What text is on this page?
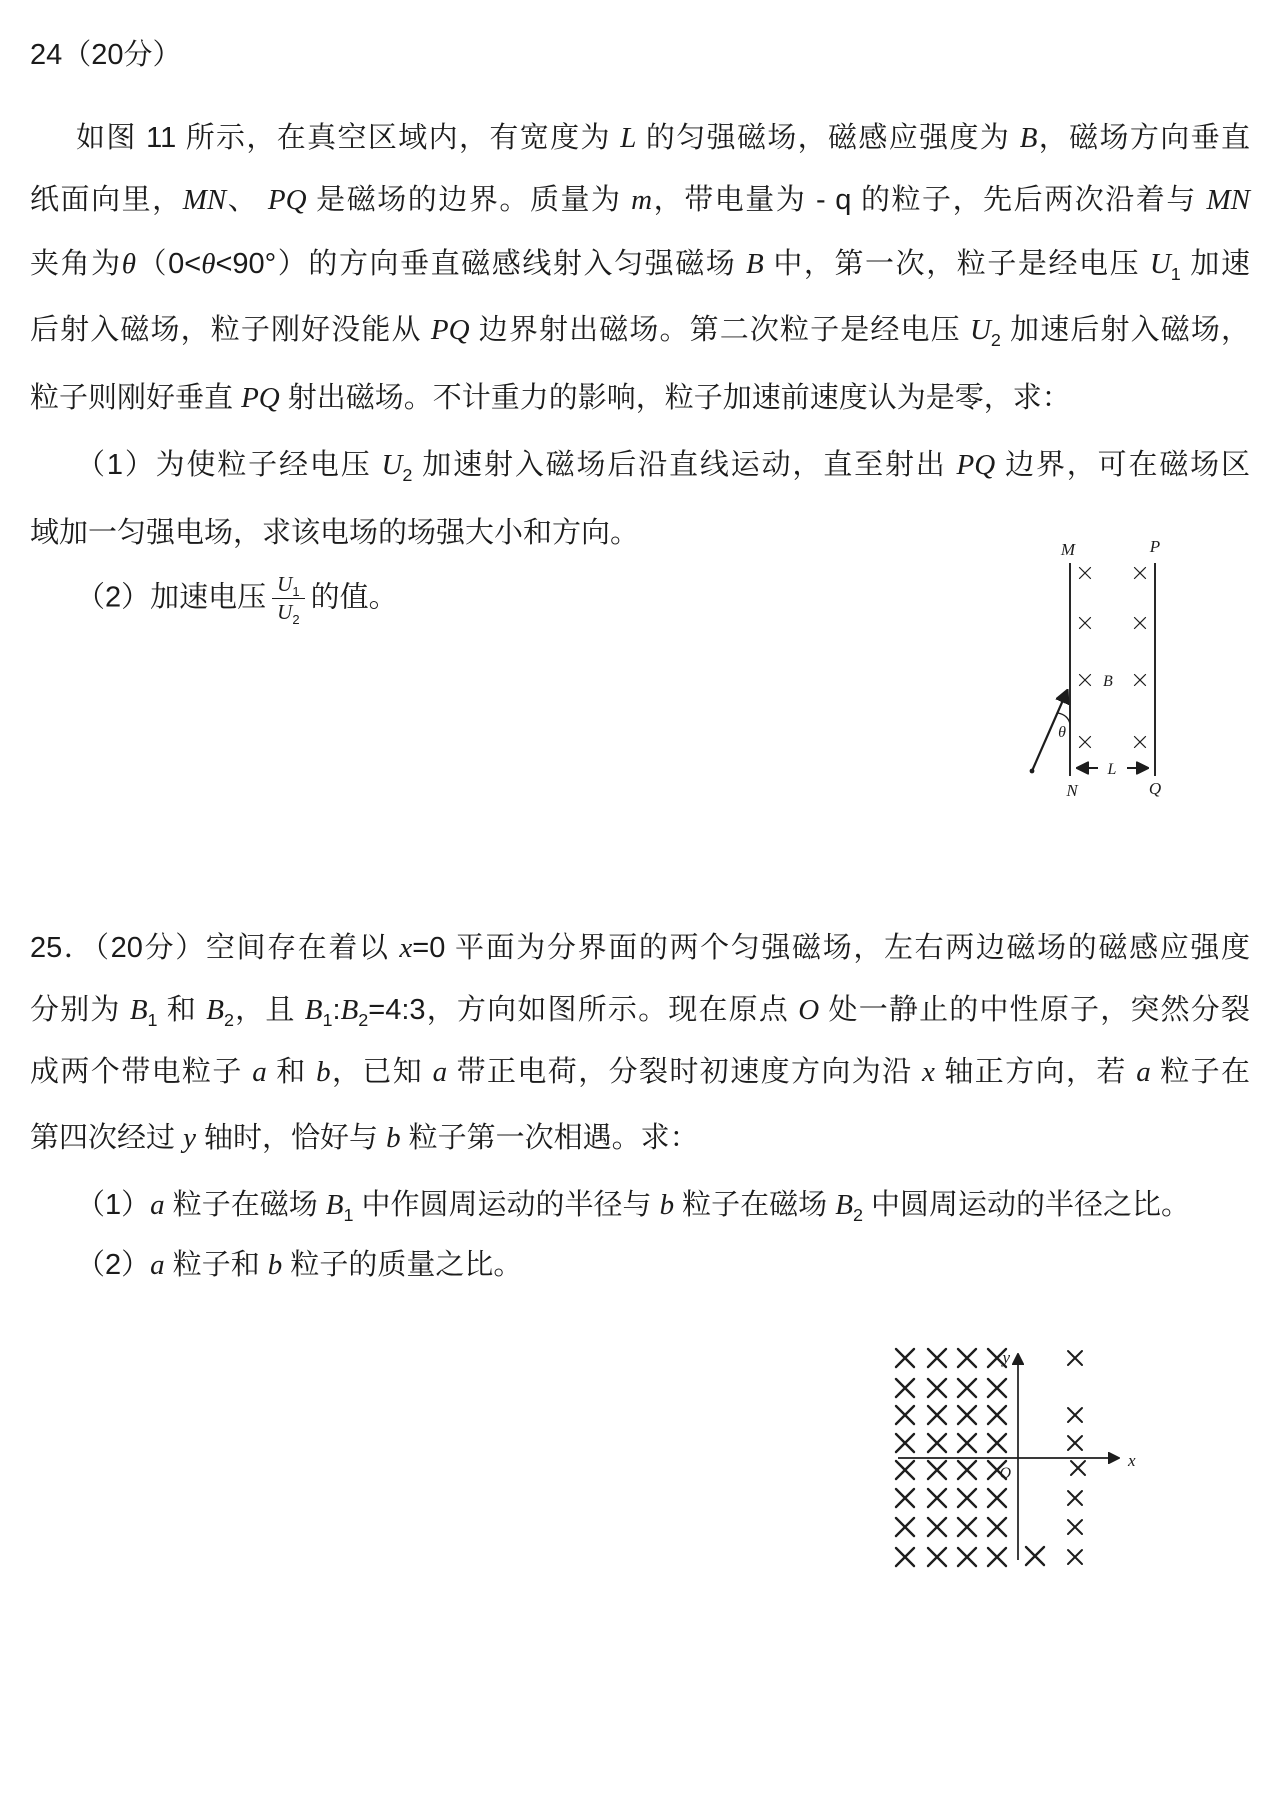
24（20分）
如图 11 所示，在真空区域内，有宽度为 L 的匀强磁场，磁感应强度为 B，磁场方向垂直
纸面向里，MN、 PQ 是磁场的边界。质量为 m，带电量为 - q 的粒子，先后两次沿着与 MN
夹角为θ（0<θ<90°）的方向垂直磁感线射入匀强磁场 B 中，第一次，粒子是经电压 $U_1$ 加速
后射入磁场，粒子刚好没能从 PQ 边界射出磁场。第二次粒子是经电压 $U_2$ 加速后射入磁场，
粒子则刚好垂直 PQ 射出磁场。不计重力的影响，粒子加速前速度认为是零，求：
（1）为使粒子经电压 $U_2$ 加速射入磁场后沿直线运动，直至射出 PQ 边界，可在磁场区
域加一匀强电场，求该电场的场强大小和方向。
（2）加速电压 $\frac{U_1}{U_2}$ 的值。
M	P
B
θ
L
N	Q
25．（20分）空间存在着以 x=0 平面为分界面的两个匀强磁场，左右两边磁场的磁感应强度
分别为 $B_1$ 和 $B_2$，且 $B_1:B_2=4:3$，方向如图所示。现在原点 O 处一静止的中性原子，突然分裂
成两个带电粒子 a 和 b，已知 a 带正电荷，分裂时初速度方向为沿 x 轴正方向，若 a 粒子在
第四次经过 y 轴时，恰好与 b 粒子第一次相遇。求：
（1）a 粒子在磁场 $B_1$ 中作圆周运动的半径与 b 粒子在磁场 $B_2$ 中圆周运动的半径之比。
（2）a 粒子和 b 粒子的质量之比。
y
x
O
